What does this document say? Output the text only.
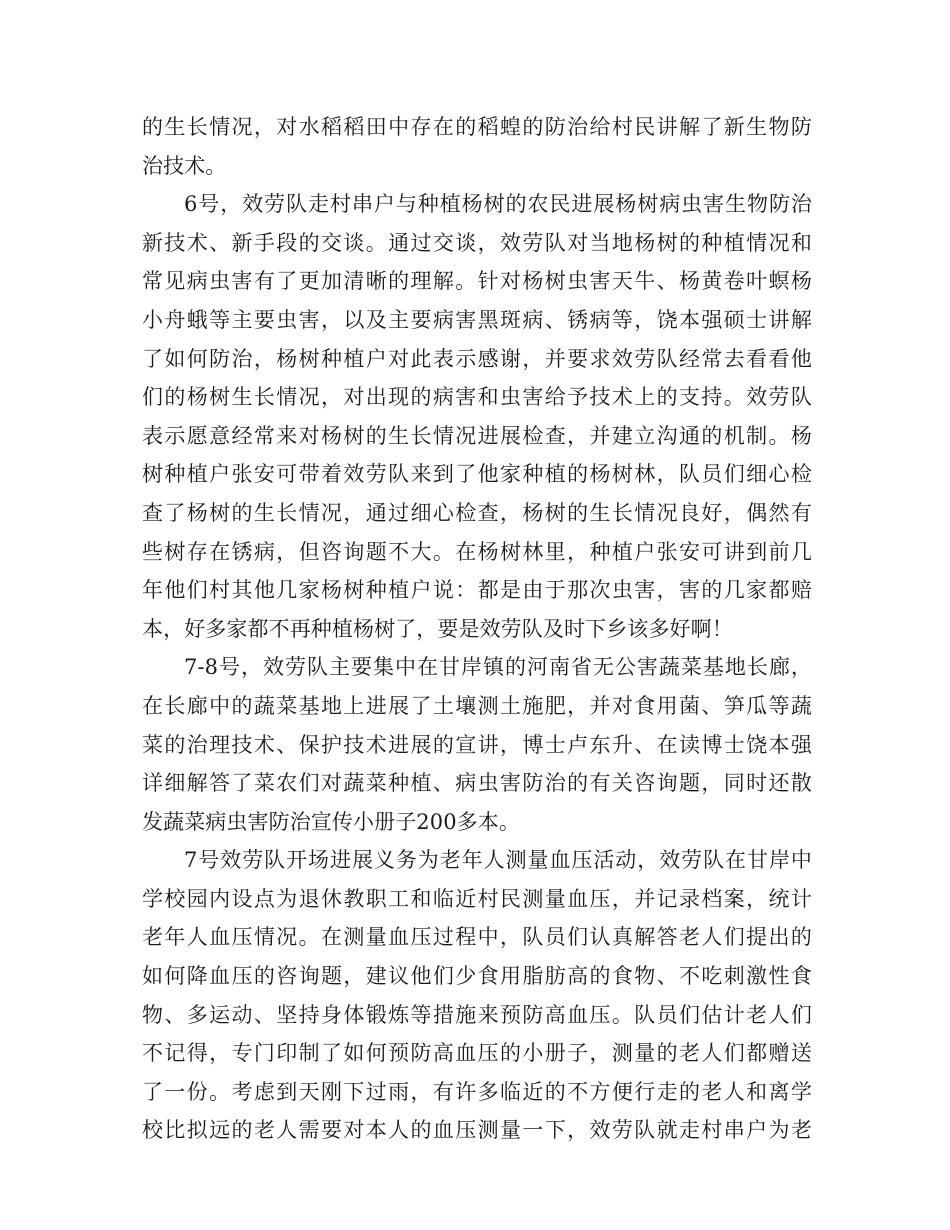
的生长情况，对水稻稻田中存在的稻蝗的防治给村民讲解了新生物防
治技术。
6号，效劳队走村串户与种植杨树的农民进展杨树病虫害生物防治
新技术、新手段的交谈。通过交谈，效劳队对当地杨树的种植情况和
常见病虫害有了更加清晰的理解。针对杨树虫害天牛、杨黄卷叶螟杨
小舟蛾等主要虫害，以及主要病害黑斑病、锈病等，饶本强硕士讲解
了如何防治，杨树种植户对此表示感谢，并要求效劳队经常去看看他
们的杨树生长情况，对出现的病害和虫害给予技术上的支持。效劳队
表示愿意经常来对杨树的生长情况进展检查，并建立沟通的机制。杨
树种植户张安可带着效劳队来到了他家种植的杨树林，队员们细心检
查了杨树的生长情况，通过细心检查，杨树的生长情况良好，偶然有
些树存在锈病，但咨询题不大。在杨树林里，种植户张安可讲到前几
年他们村其他几家杨树种植户说：都是由于那次虫害，害的几家都赔
本，好多家都不再种植杨树了，要是效劳队及时下乡该多好啊！
7-8号，效劳队主要集中在甘岸镇的河南省无公害蔬菜基地长廊，
在长廊中的蔬菜基地上进展了土壤测土施肥，并对食用菌、笋瓜等蔬
菜的治理技术、保护技术进展的宣讲，博士卢东升、在读博士饶本强
详细解答了菜农们对蔬菜种植、病虫害防治的有关咨询题，同时还散
发蔬菜病虫害防治宣传小册子200多本。
7号效劳队开场进展义务为老年人测量血压活动，效劳队在甘岸中
学校园内设点为退休教职工和临近村民测量血压，并记录档案，统计
老年人血压情况。在测量血压过程中，队员们认真解答老人们提出的
如何降血压的咨询题，建议他们少食用脂肪高的食物、不吃刺激性食
物、多运动、坚持身体锻炼等措施来预防高血压。队员们估计老人们
不记得，专门印制了如何预防高血压的小册子，测量的老人们都赠送
了一份。考虑到天刚下过雨，有许多临近的不方便行走的老人和离学
校比拟远的老人需要对本人的血压测量一下，效劳队就走村串户为老
